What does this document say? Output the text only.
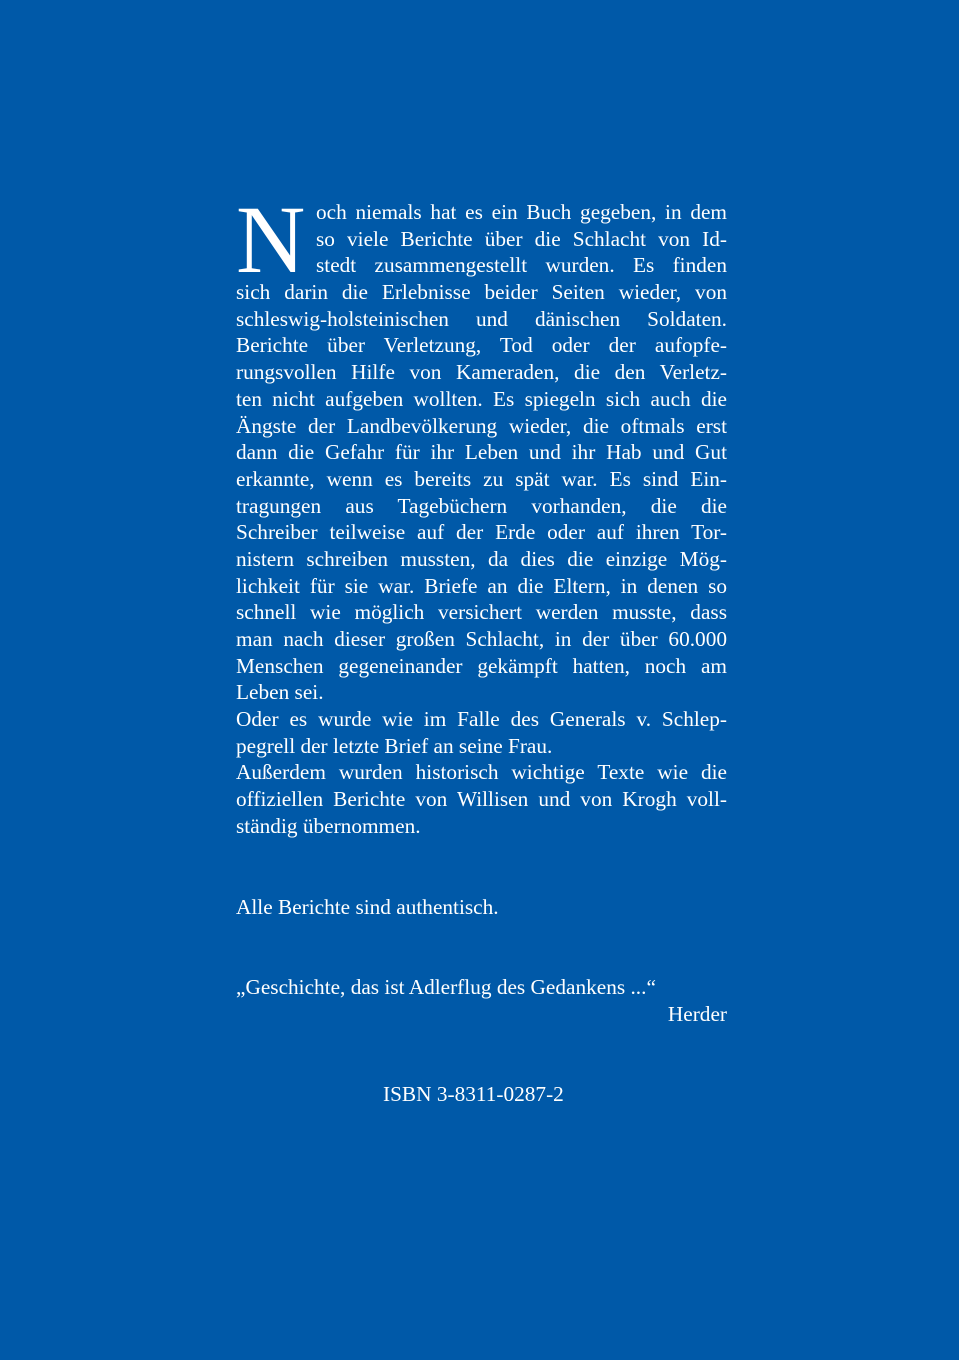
N och niemals hat es ein Buch gegeben, in dem
so viele Berichte über die Schlacht von Id-
stedt zusammengestellt wurden. Es finden
sich darin die Erlebnisse beider Seiten wieder, von
schleswig-holsteinischen und dänischen Soldaten.
Berichte über Verletzung, Tod oder der aufopfe-
rungsvollen Hilfe von Kameraden, die den Verletz-
ten nicht aufgeben wollten. Es spiegeln sich auch die
Ängste der Landbevölkerung wieder, die oftmals erst
dann die Gefahr für ihr Leben und ihr Hab und Gut
erkannte, wenn es bereits zu spät war. Es sind Ein-
tragungen aus Tagebüchern vorhanden, die die
Schreiber teilweise auf der Erde oder auf ihren Tor-
nistern schreiben mussten, da dies die einzige Mög-
lichkeit für sie war. Briefe an die Eltern, in denen so
schnell wie möglich versichert werden musste, dass
man nach dieser großen Schlacht, in der über 60.000
Menschen gegeneinander gekämpft hatten, noch am
Leben sei.
Oder es wurde wie im Falle des Generals v. Schlep-
pegrell der letzte Brief an seine Frau.
Außerdem wurden historisch wichtige Texte wie die
offiziellen Berichte von Willisen und von Krogh voll-
ständig übernommen.
Alle Berichte sind authentisch.
„Geschichte, das ist Adlerflug des Gedankens ...“
Herder
ISBN 3-8311-0287-2
